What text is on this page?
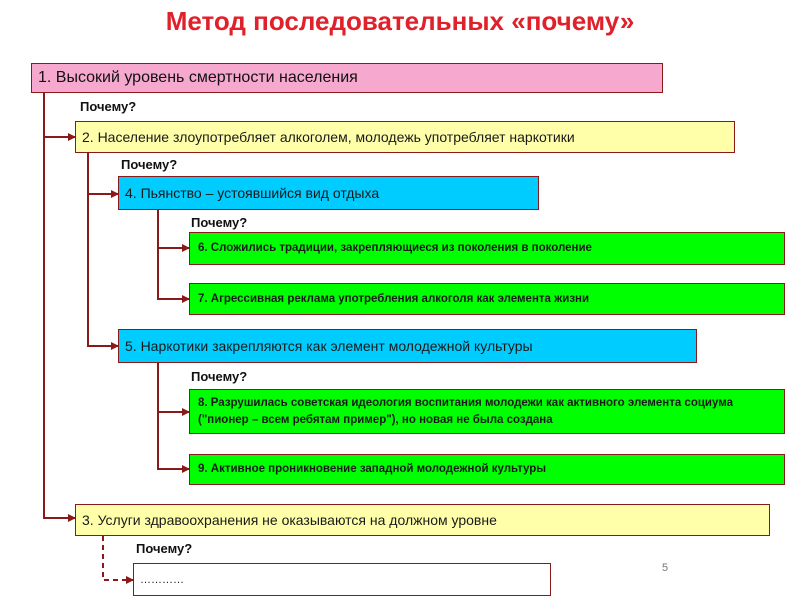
Метод последовательных «почему»
1. Высокий уровень смертности населения
Почему?
2. Население злоупотребляет алкоголем, молодежь употребляет наркотики
Почему?
4. Пьянство – устоявшийся вид отдыха
Почему?
6. Сложились традиции, закрепляющиеся из поколения в поколение
7. Агрессивная реклама употребления алкоголя как элемента жизни
5. Наркотики закрепляются как элемент молодежной культуры
Почему?
8. Разрушилась советская идеология воспитания молодежи как активного элемента социума ("пионер – всем ребятам пример"), но новая не была создана
9. Активное проникновение западной молодежной культуры
3. Услуги здравоохранения не оказываются на должном уровне
Почему?
…………
5
